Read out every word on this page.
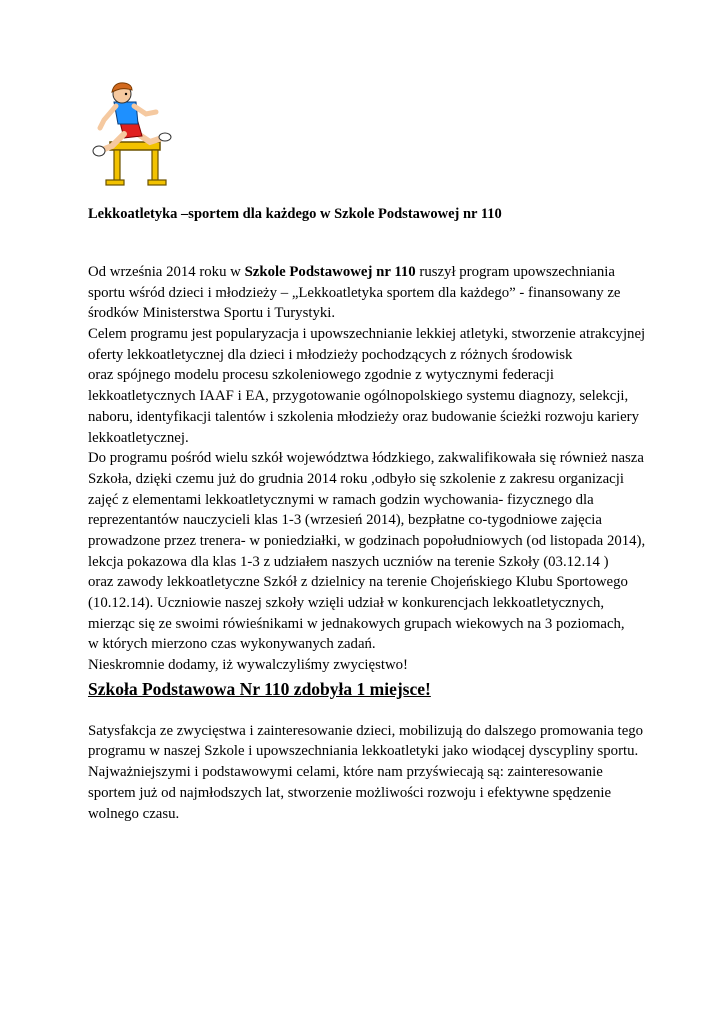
Lekkoatletyka –sportem dla każdego w Szkole Podstawowej nr 110
Od września 2014 roku w Szkole Podstawowej nr 110 ruszył program upowszechniania
sportu wśród dzieci i młodzieży – „Lekkoatletyka sportem dla każdego” - finansowany ze
środków Ministerstwa Sportu i Turystyki.
Celem programu jest popularyzacja i upowszechnianie lekkiej atletyki, stworzenie atrakcyjnej
oferty lekkoatletycznej dla dzieci i młodzieży pochodzących z różnych środowisk
oraz spójnego modelu procesu szkoleniowego zgodnie z wytycznymi federacji
lekkoatletycznych IAAF i EA, przygotowanie ogólnopolskiego systemu diagnozy, selekcji,
naboru, identyfikacji talentów i szkolenia młodzieży oraz budowanie ścieżki rozwoju kariery
lekkoatletycznej.
Do programu pośród wielu szkół województwa łódzkiego, zakwalifikowała się również nasza
Szkoła, dzięki czemu już do grudnia 2014 roku ,odbyło się szkolenie z zakresu organizacji
zajęć z elementami lekkoatletycznymi w ramach godzin wychowania- fizycznego dla
reprezentantów nauczycieli klas 1-3 (wrzesień 2014), bezpłatne co-tygodniowe zajęcia
prowadzone przez trenera- w poniedziałki, w godzinach popołudniowych (od listopada 2014),
lekcja pokazowa dla klas 1-3 z udziałem naszych uczniów na terenie Szkoły (03.12.14 )
oraz zawody lekkoatletyczne Szkół z dzielnicy na terenie Chojeńskiego Klubu Sportowego
(10.12.14). Uczniowie naszej szkoły wzięli udział w konkurencjach lekkoatletycznych,
mierząc się ze swoimi rówieśnikami w jednakowych grupach wiekowych na 3 poziomach,
w których mierzono czas wykonywanych zadań.
Nieskromnie dodamy, iż wywalczyliśmy zwycięstwo!
Szkoła Podstawowa Nr 110 zdobyła 1 miejsce!
Satysfakcja ze zwycięstwa i zainteresowanie dzieci, mobilizują do dalszego promowania tego
programu w naszej Szkole i upowszechniania lekkoatletyki jako wiodącej dyscypliny sportu.
Najważniejszymi i podstawowymi celami, które nam przyświecają są: zainteresowanie
sportem już od najmłodszych lat, stworzenie możliwości rozwoju i efektywne spędzenie
wolnego czasu.
